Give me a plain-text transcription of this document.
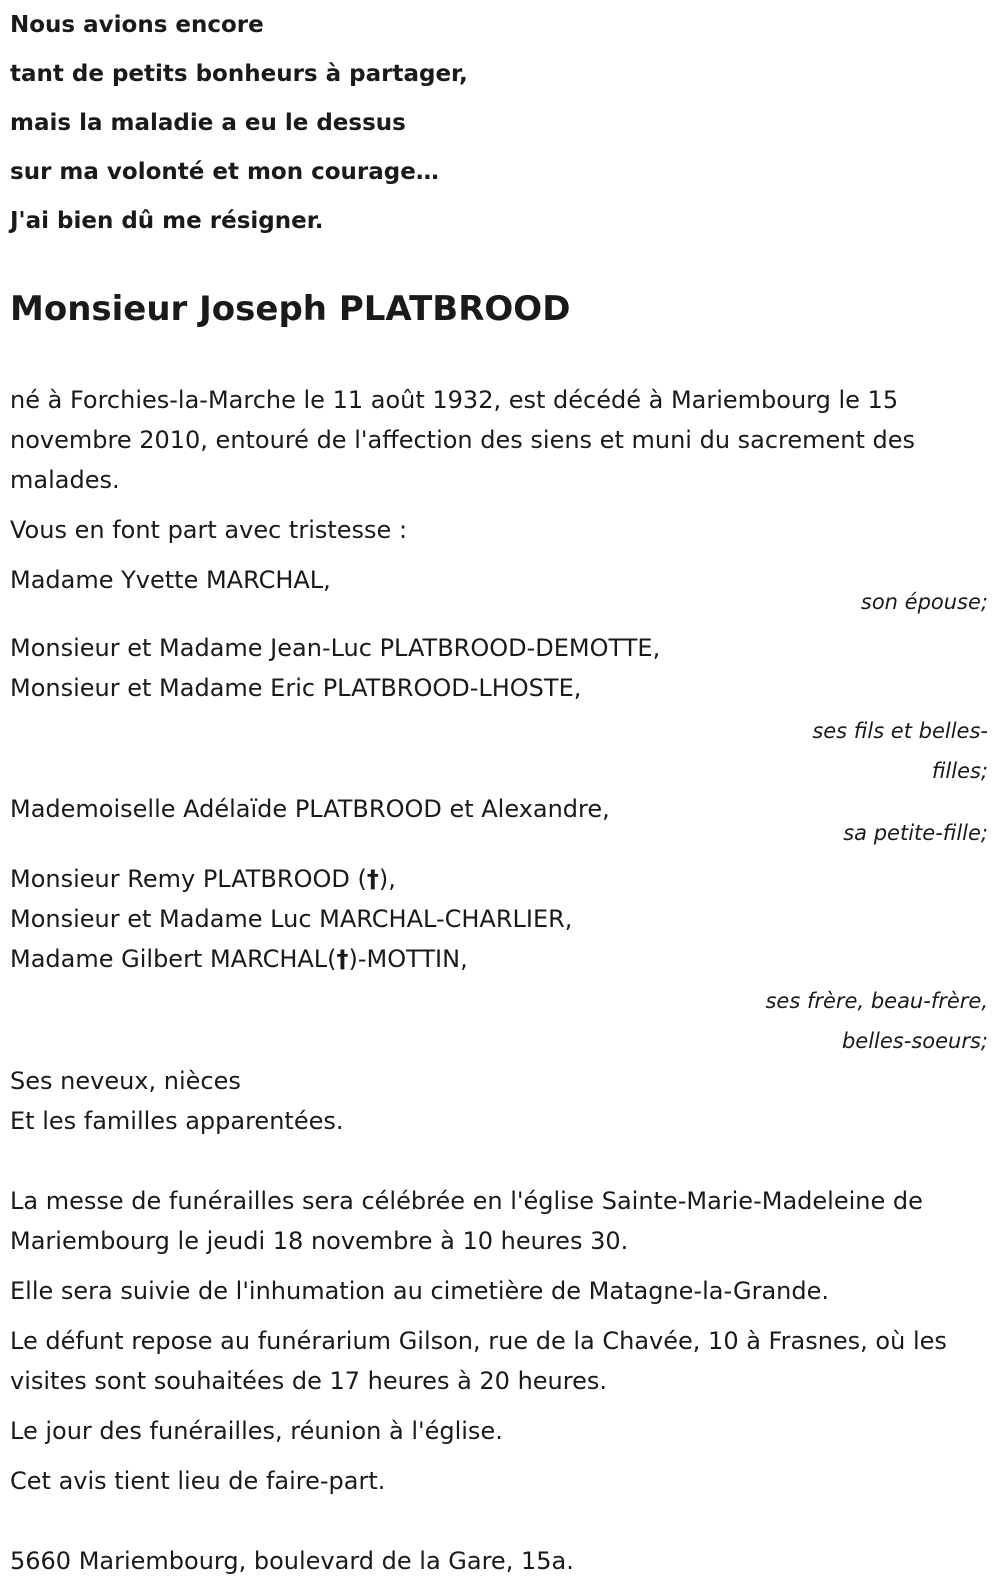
Nous avions encore
tant de petits bonheurs à partager,
mais la maladie a eu le dessus
sur ma volonté et mon courage…
J'ai bien dû me résigner.
Monsieur Joseph PLATBROOD

né à Forchies-la-Marche le 11 août 1932, est décédé à Mariembourg le 15 novembre 2010, entouré de l'affection des siens et muni du sacrement des malades.

Vous en font part avec tristesse :

Madame Yvette MARCHAL,

son épouse;

Monsieur et Madame Jean-Luc PLATBROOD-DEMOTTE,
Monsieur et Madame Eric PLATBROOD-LHOSTE,

ses fils et belles-filles;

Mademoiselle Adélaïde PLATBROOD et Alexandre,

sa petite-fille;

Monsieur Remy PLATBROOD (†),
Monsieur et Madame Luc MARCHAL-CHARLIER,
Madame Gilbert MARCHAL(†)-MOTTIN,

ses frère, beau-frère, belles-soeurs;

Ses neveux, nièces
Et les familles apparentées.

La messe de funérailles sera célébrée en l'église Sainte-Marie-Madeleine de Mariembourg le jeudi 18 novembre à 10 heures 30.

Elle sera suivie de l'inhumation au cimetière de Matagne-la-Grande.

Le défunt repose au funérarium Gilson, rue de la Chavée, 10 à Frasnes, où les visites sont souhaitées de 17 heures à 20 heures.

Le jour des funérailles, réunion à l'église.

Cet avis tient lieu de faire-part.

5660 Mariembourg, boulevard de la Gare, 15a.
